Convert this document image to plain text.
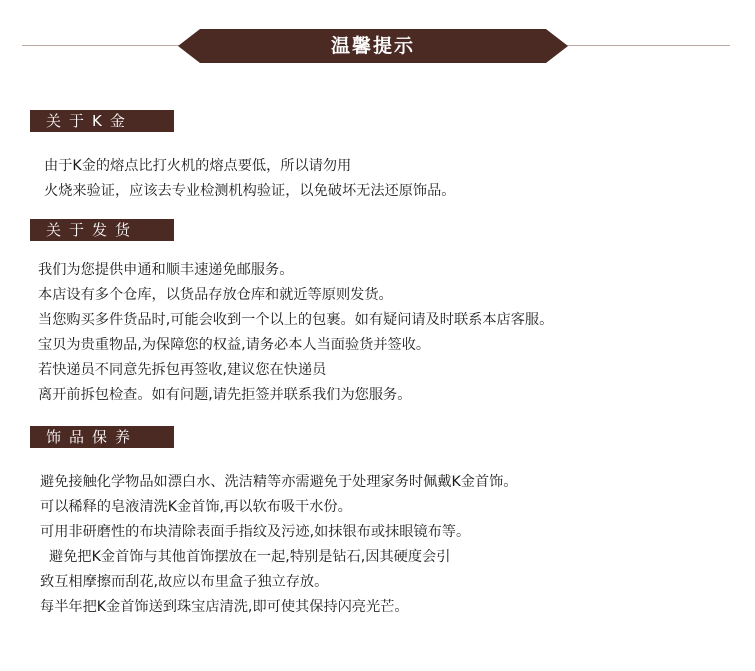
温馨提示
关于K金
由于K金的熔点比打火机的熔点要低，所以请勿用
火烧来验证，应该去专业检测机构验证，以免破坏无法还原饰品。
关于发货
我们为您提供申通和顺丰速递免邮服务。
本店设有多个仓库，以货品存放仓库和就近等原则发货。
当您购买多件货品时,可能会收到一个以上的包裹。如有疑问请及时联系本店客服。
宝贝为贵重物品,为保障您的权益,请务必本人当面验货并签收。
若快递员不同意先拆包再签收,建议您在快递员
离开前拆包检查。如有问题,请先拒签并联系我们为您服务。
饰品保养
避免接触化学物品如漂白水、洗洁精等亦需避免于处理家务时佩戴K金首饰。
可以稀释的皂液清洗K金首饰,再以软布吸干水份。
可用非研磨性的布块清除表面手指纹及污迹,如抹银布或抹眼镜布等。
避免把K金首饰与其他首饰摆放在一起,特别是钻石,因其硬度会引
致互相摩擦而刮花,故应以布里盒子独立存放。
每半年把K金首饰送到珠宝店清洗,即可使其保持闪亮光芒。
